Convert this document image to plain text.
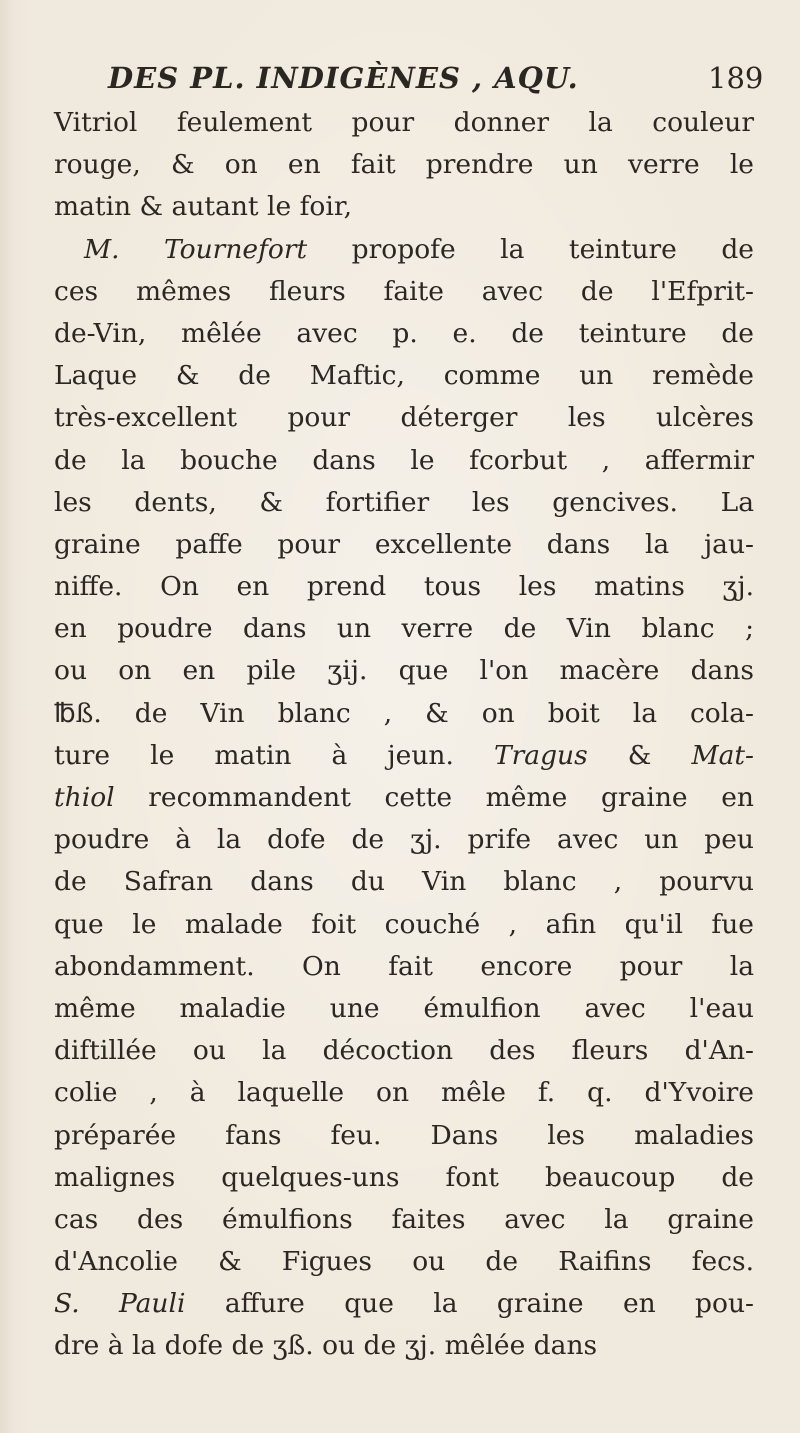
DES PL. INDIGÈNES , AQU.	189
Vitriol feulement pour donner la couleur
rouge, & on en fait prendre un verre le
matin & autant le foir,
M. Tournefort propofe la teinture de
ces mêmes fleurs faite avec de l'Efprit-
de-Vin, mêlée avec p. e. de teinture de
Laque & de Maftic, comme un remède
très-excellent pour déterger les ulcères
de la bouche dans le fcorbut , affermir
les dents, & fortifier les gencives. La
graine paffe pour excellente dans la jau-
niffe. On en prend tous les matins ʒj.
en poudre dans un verre de Vin blanc ;
ou on en pile ʒij. que l'on macère dans
℔ß. de Vin blanc , & on boit la cola-
ture le matin à jeun. Tragus & Mat-
thiol recommandent cette même graine en
poudre à la dofe de ʒj. prife avec un peu
de Safran dans du Vin blanc , pourvu
que le malade foit couché , afin qu'il fue
abondamment. On fait encore pour la
même maladie une émulfion avec l'eau
diftillée ou la décoction des fleurs d'An-
colie , à laquelle on mêle f. q. d'Yvoire
préparée fans feu. Dans les maladies
malignes quelques-uns font beaucoup de
cas des émulfions faites avec la graine
d'Ancolie & Figues ou de Raifins fecs.
S. Pauli affure que la graine en pou-
dre à la dofe de ʒß. ou de ʒj. mêlée dans
